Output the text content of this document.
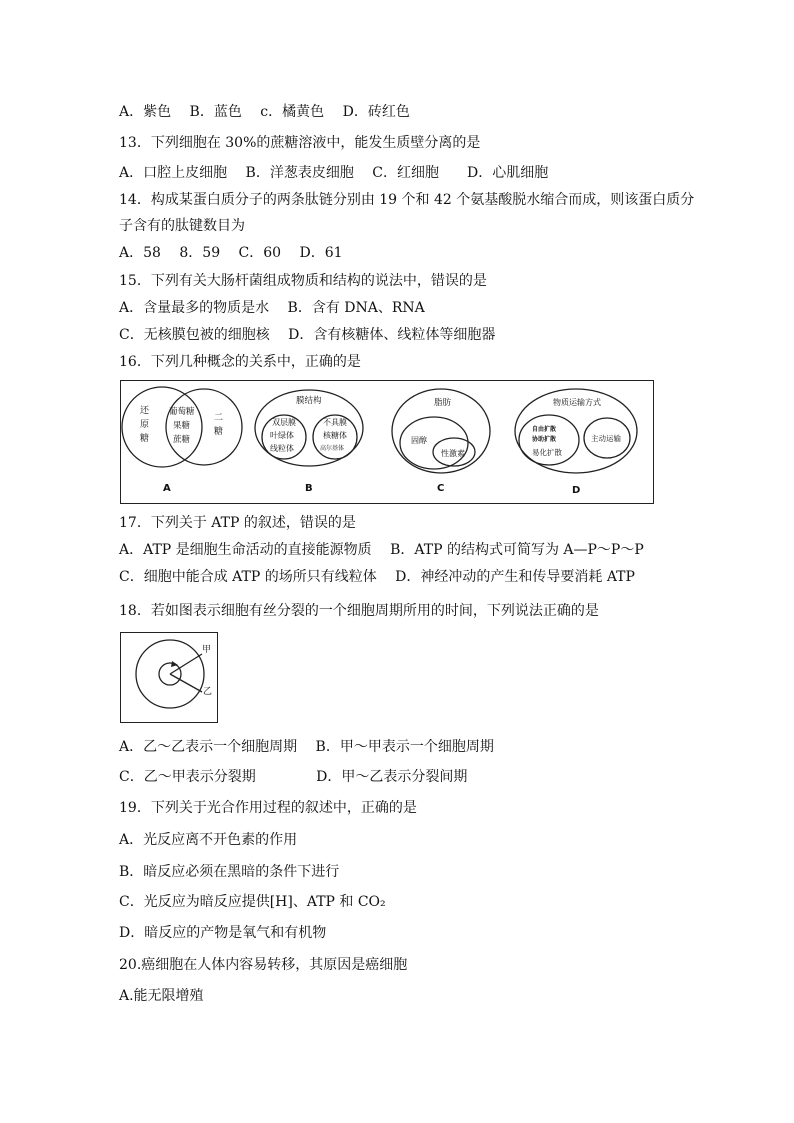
A．紫色　 B．蓝色　 c．橘黄色　 D．砖红色
13．下列细胞在 30%的蔗糖溶液中，能发生质壁分离的是
A．口腔上皮细胞　 B．洋葱表皮细胞　 C．红细胞　　D．心肌细胞
14．构成某蛋白质分子的两条肽链分别由 19 个和 42 个氨基酸脱水缩合而成，则该蛋白质分
子含有的肽键数目为
A．58　 8．59　 C．60　 D．61
15．下列有关大肠杆菌组成物质和结构的说法中，错误的是
A．含量最多的物质是水　 B．含有 DNA、RNA
C．无核膜包被的细胞核　 D．含有核糖体、线粒体等细胞器
16．下列几种概念的关系中，正确的是
17．下列关于 ATP 的叙述，错误的是
A．ATP 是细胞生命活动的直接能源物质　 B．ATP 的结构式可简写为 A—P～P～P
C．细胞中能合成 ATP 的场所只有线粒体　 D．神经冲动的产生和传导要消耗 ATP
18．若如图表示细胞有丝分裂的一个细胞周期所用的时间，下列说法正确的是
A．乙～乙表示一个细胞周期　 B．甲～甲表示一个细胞周期
C．乙～甲表示分裂期　　　　 D．甲～乙表示分裂间期
19．下列关于光合作用过程的叙述中，正确的是
A．光反应离不开色素的作用
B．暗反应必须在黑暗的条件下进行
C．光反应为暗反应提供[H]、ATP 和 CO₂
D．暗反应的产物是氧气和有机物
20.癌细胞在人体内容易转移，其原因是癌细胞
A.能无限增殖
还原糖
葡萄糖
果糖
蔗糖
二糖
A
膜结构
双层膜
叶绿体
线粒体
不具膜
核糖体
高尔基体
B
脂肪
固醇
性激素
C
物质运输方式
自由扩散
协助扩散
易化扩散
主动运输
D
甲
乙
